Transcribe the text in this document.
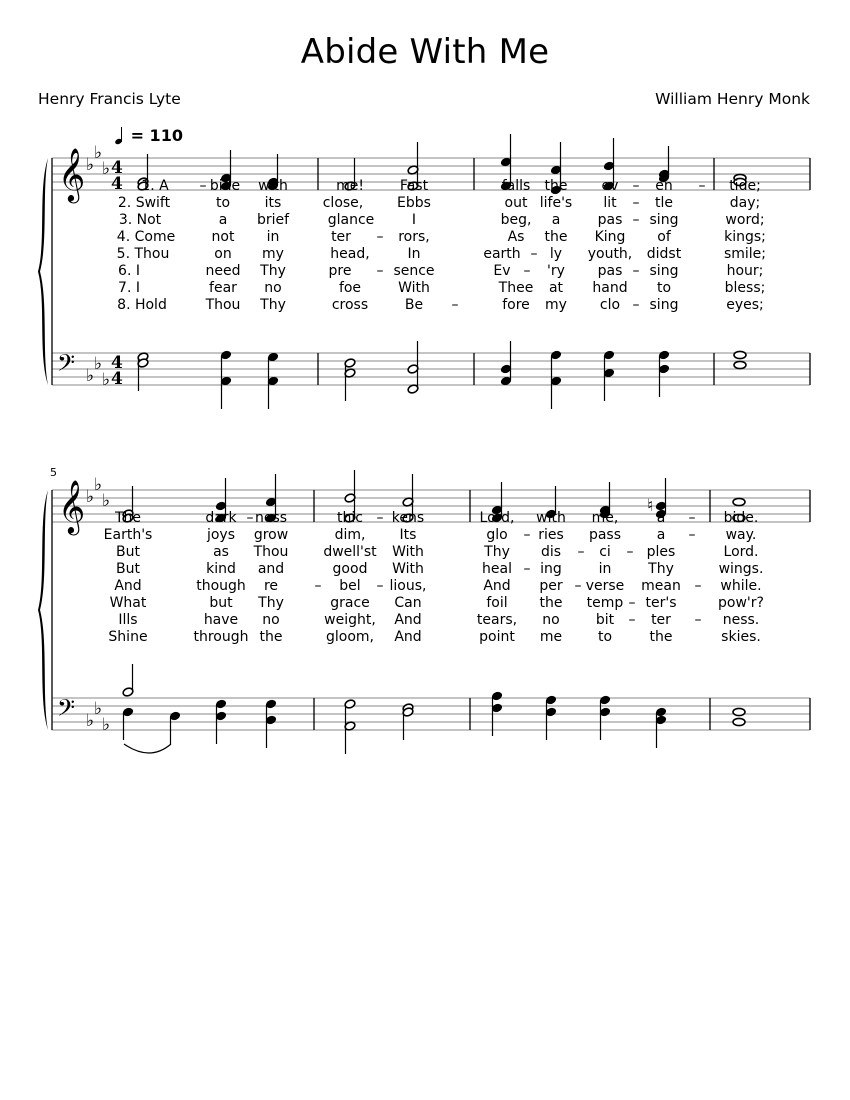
Abide With Me
Henry Francis Lyte	William Henry Monk
= 110
𝄞
𝄢
♭
♭
♭
♭
♭
♭
4
4
4
4
1. A – bide with	me!	Fast	falls the ev – en – tide;
2. Swift	to its	close, Ebbs	out life's lit – tle	day;
3. Not	a brief	glance	I	beg, a	pas – sing	word;
4. Come	not in	ter – rors,	As the King of	kings;
5. Thou	on my	head,	In	earth – ly youth, didst	smile;
6. I	need Thy	pre – sence	Ev – 'ry pas – sing	hour;
7. I	fear no	foe	With	Thee at hand to	bless;
8. Hold	Thou Thy	cross	Be –	fore my clo – sing	eyes;
5
𝄞
𝄢
♭
♭
♭
♭
♭
♭
♮
The	dark – ness	thic – kens	Lord, with me,	a – bide.
Earth's	joys grow	dim, Its	glo – ries pass	a – way.
But	as Thou dwell'st With	Thy dis – ci – ples	Lord.
But	kind and	good With	heal – ing	in	Thy	wings.
And	though re	– bel – lious,	And per – verse mean – while.
What	but Thy	grace Can	foil the temp – ter's	pow'r?
Ills	have no	weight, And	tears, no	bit – ter – ness.
Shine	through the	gloom, And	point me	to	the	skies.
